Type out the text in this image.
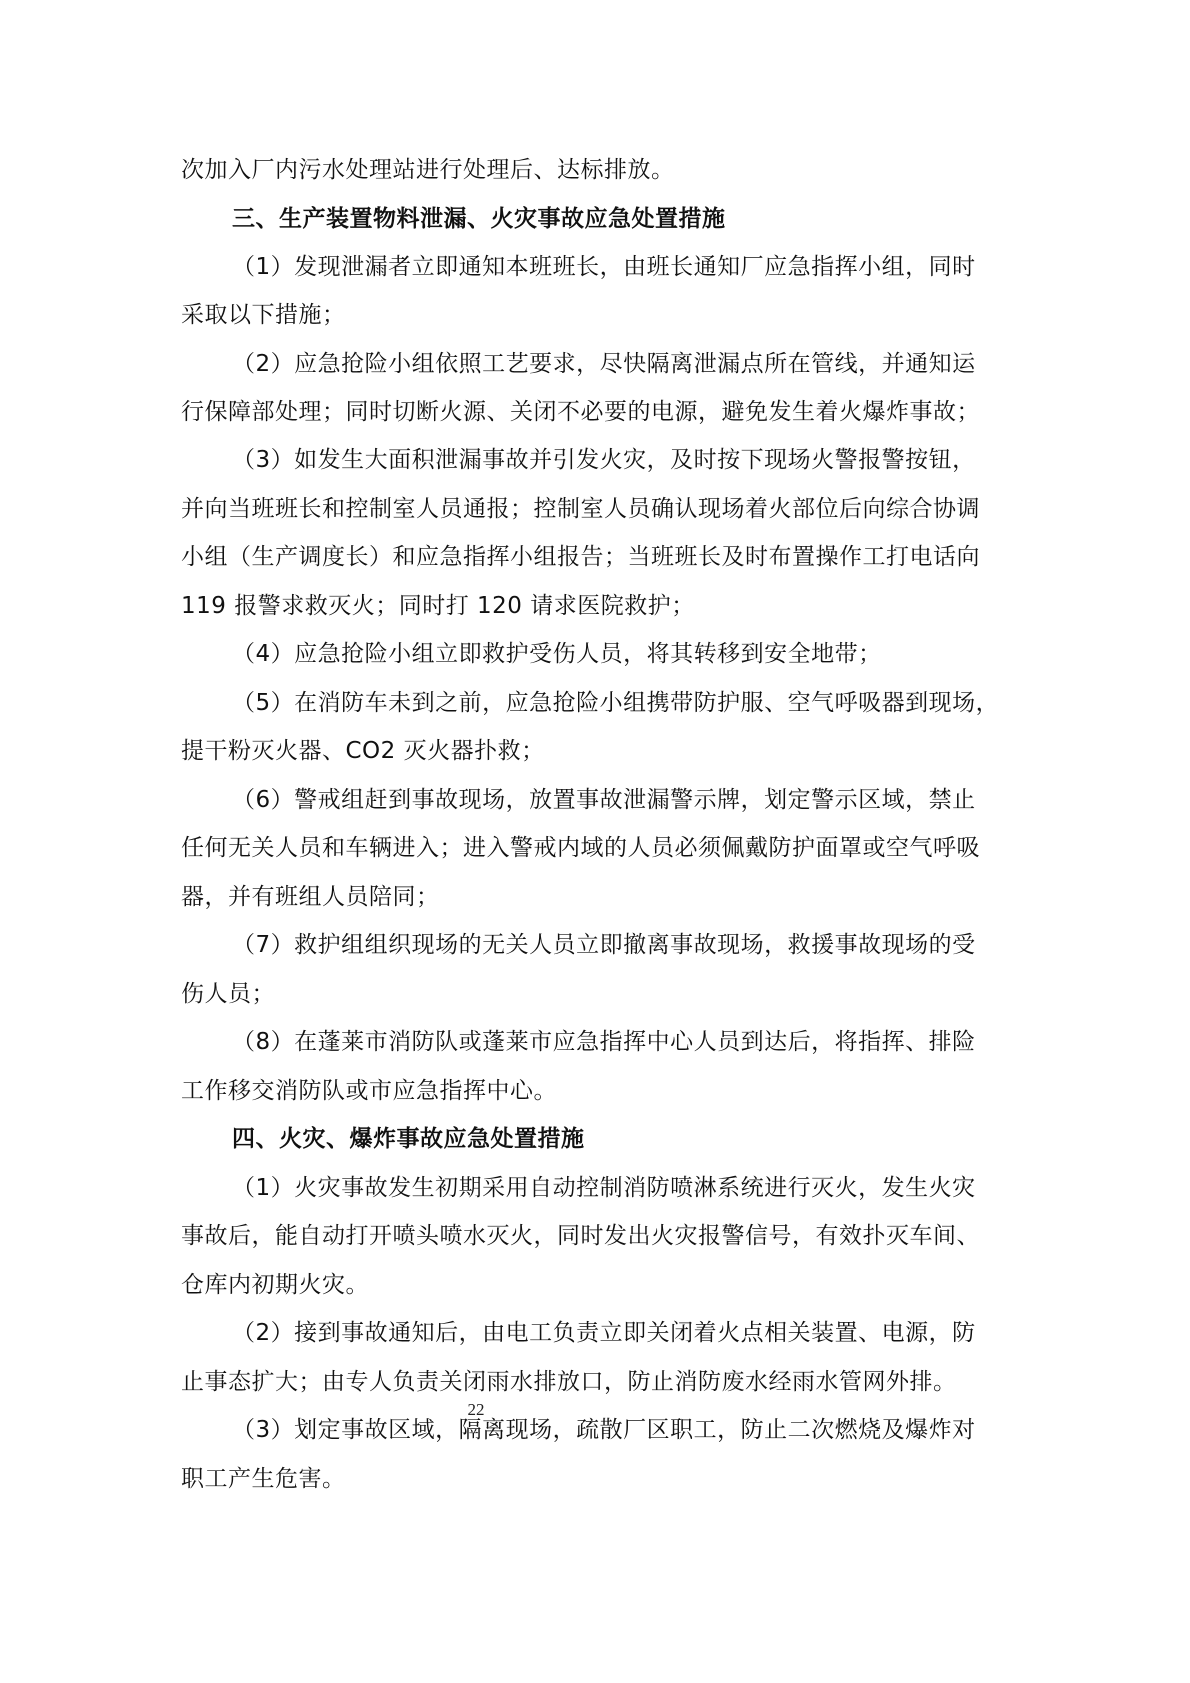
次加入厂内污水处理站进行处理后、达标排放。
三、生产装置物料泄漏、火灾事故应急处置措施
（1）发现泄漏者立即通知本班班长，由班长通知厂应急指挥小组，同时
采取以下措施；
（2）应急抢险小组依照工艺要求，尽快隔离泄漏点所在管线，并通知运
行保障部处理；同时切断火源、关闭不必要的电源，避免发生着火爆炸事故；
（3）如发生大面积泄漏事故并引发火灾，及时按下现场火警报警按钮，
并向当班班长和控制室人员通报；控制室人员确认现场着火部位后向综合协调
小组（生产调度长）和应急指挥小组报告；当班班长及时布置操作工打电话向
119 报警求救灭火；同时打 120 请求医院救护；
（4）应急抢险小组立即救护受伤人员，将其转移到安全地带；
（5）在消防车未到之前，应急抢险小组携带防护服、空气呼吸器到现场，
提干粉灭火器、CO2 灭火器扑救；
（6）警戒组赶到事故现场，放置事故泄漏警示牌，划定警示区域，禁止
任何无关人员和车辆进入；进入警戒内域的人员必须佩戴防护面罩或空气呼吸
器，并有班组人员陪同；
（7）救护组组织现场的无关人员立即撤离事故现场，救援事故现场的受
伤人员；
（8）在蓬莱市消防队或蓬莱市应急指挥中心人员到达后，将指挥、排险
工作移交消防队或市应急指挥中心。
四、火灾、爆炸事故应急处置措施
（1）火灾事故发生初期采用自动控制消防喷淋系统进行灭火，发生火灾
事故后，能自动打开喷头喷水灭火，同时发出火灾报警信号，有效扑灭车间、
仓库内初期火灾。
（2）接到事故通知后，由电工负责立即关闭着火点相关装置、电源，防
止事态扩大；由专人负责关闭雨水排放口，防止消防废水经雨水管网外排。
（3）划定事故区域，隔离现场，疏散厂区职工，防止二次燃烧及爆炸对
职工产生危害。
22
